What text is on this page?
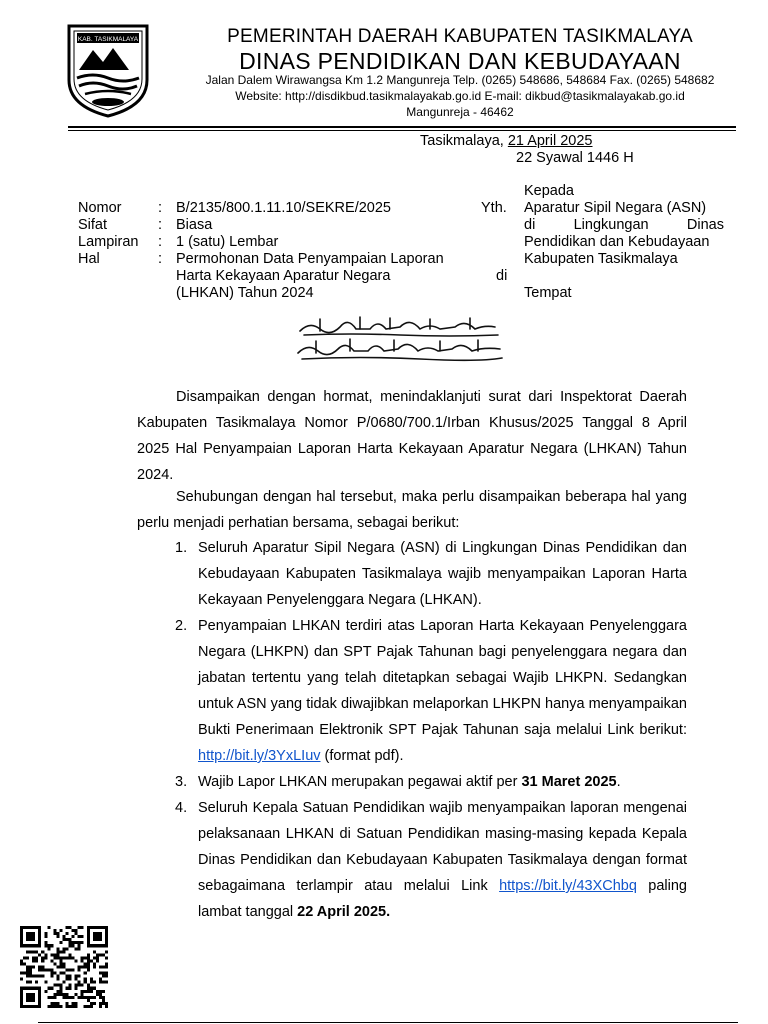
KAB. TASIKMALAYA	PEMERINTAH DAERAH KABUPATEN TASIKMALAYA
DINAS PENDIDIKAN DAN KEBUDAYAAN
Jalan Dalem Wirawangsa Km 1.2 Mangunreja Telp. (0265) 548686, 548684 Fax. (0265) 548682
Website: http://disdikbud.tasikmalayakab.go.id E-mail: dikbud@tasikmalayakab.go.id
Mangunreja - 46462
Tasikmalaya, 21 April 2025
22 Syawal 1446 H
Nomor	: B/2135/800.1.11.10/SEKRE/2025
Sifat	: Biasa
Lampiran : 1 (satu) Lembar
Hal	: Permohonan Data Penyampaian Laporan
Harta Kekayaan Aparatur Negara
(LHKAN) Tahun 2024
Yth.
Kepada
Aparatur Sipil Negara (ASN)
di Lingkungan Dinas
Pendidikan dan Kebudayaan
Kabupaten Tasikmalaya
di
Tempat
Disampaikan dengan hormat, menindaklanjuti surat dari Inspektorat Daerah Kabupaten Tasikmalaya Nomor P/0680/700.1/Irban Khusus/2025 Tanggal 8 April 2025 Hal Penyampaian Laporan Harta Kekayaan Aparatur Negara (LHKAN) Tahun 2024.
Sehubungan dengan hal tersebut, maka perlu disampaikan beberapa hal yang perlu menjadi perhatian bersama, sebagai berikut:
1. Seluruh Aparatur Sipil Negara (ASN) di Lingkungan Dinas Pendidikan dan Kebudayaan Kabupaten Tasikmalaya wajib menyampaikan Laporan Harta Kekayaan Penyelenggara Negara (LHKAN).
2. Penyampaian LHKAN terdiri atas Laporan Harta Kekayaan Penyelenggara Negara (LHKPN) dan SPT Pajak Tahunan bagi penyelenggara negara dan jabatan tertentu yang telah ditetapkan sebagai Wajib LHKPN. Sedangkan untuk ASN yang tidak diwajibkan melaporkan LHKPN hanya menyampaikan Bukti Penerimaan Elektronik SPT Pajak Tahunan saja melalui Link berikut: http://bit.ly/3YxLIuv (format pdf).
3. Wajib Lapor LHKAN merupakan pegawai aktif per 31 Maret 2025.
4. Seluruh Kepala Satuan Pendidikan wajib menyampaikan laporan mengenai pelaksanaan LHKAN di Satuan Pendidikan masing-masing kepada Kepala Dinas Pendidikan dan Kebudayaan Kabupaten Tasikmalaya dengan format sebagaimana terlampir atau melalui Link https://bit.ly/43XChbq paling lambat tanggal 22 April 2025.
